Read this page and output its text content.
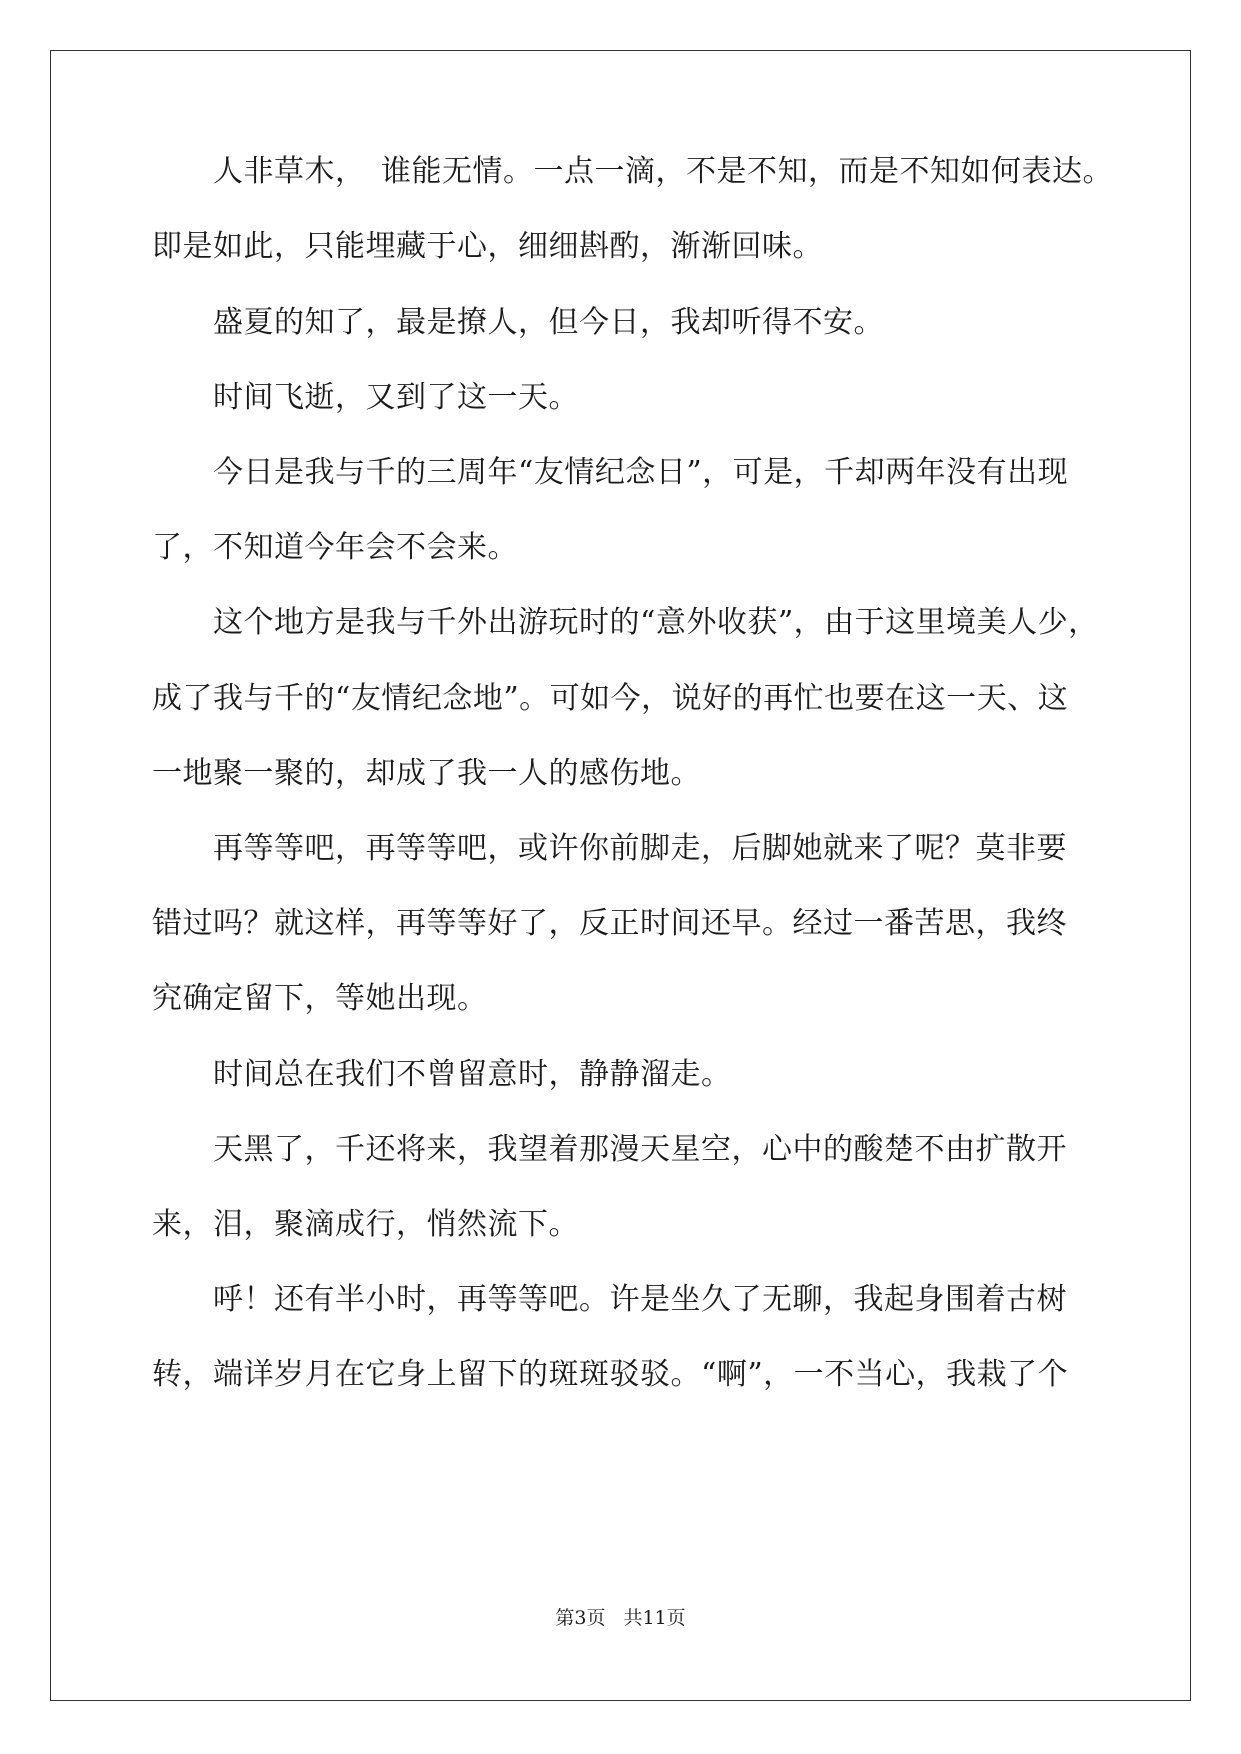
　　人非草木，　谁能无情。一点一滴，不是不知，而是不知如何表达。

即是如此，只能埋藏于心，细细斟酌，渐渐回味。

　　盛夏的知了，最是撩人，但今日，我却听得不安。

　　时间飞逝，又到了这一天。

　　今日是我与千的三周年“友情纪念日”，可是，千却两年没有出现

了，不知道今年会不会来。

　　这个地方是我与千外出游玩时的“意外收获”，由于这里境美人少，

成了我与千的“友情纪念地”。可如今，说好的再忙也要在这一天、这

一地聚一聚的，却成了我一人的感伤地。

　　再等等吧，再等等吧，或许你前脚走，后脚她就来了呢？莫非要

错过吗？就这样，再等等好了，反正时间还早。经过一番苦思，我终

究确定留下，等她出现。

　　时间总在我们不曾留意时，静静溜走。

　　天黑了，千还将来，我望着那漫天星空，心中的酸楚不由扩散开

来，泪，聚滴成行，悄然流下。

　　呼！还有半小时，再等等吧。许是坐久了无聊，我起身围着古树

转，端详岁月在它身上留下的斑斑驳驳。“啊”，一不当心，我栽了个

第3页 共11页
